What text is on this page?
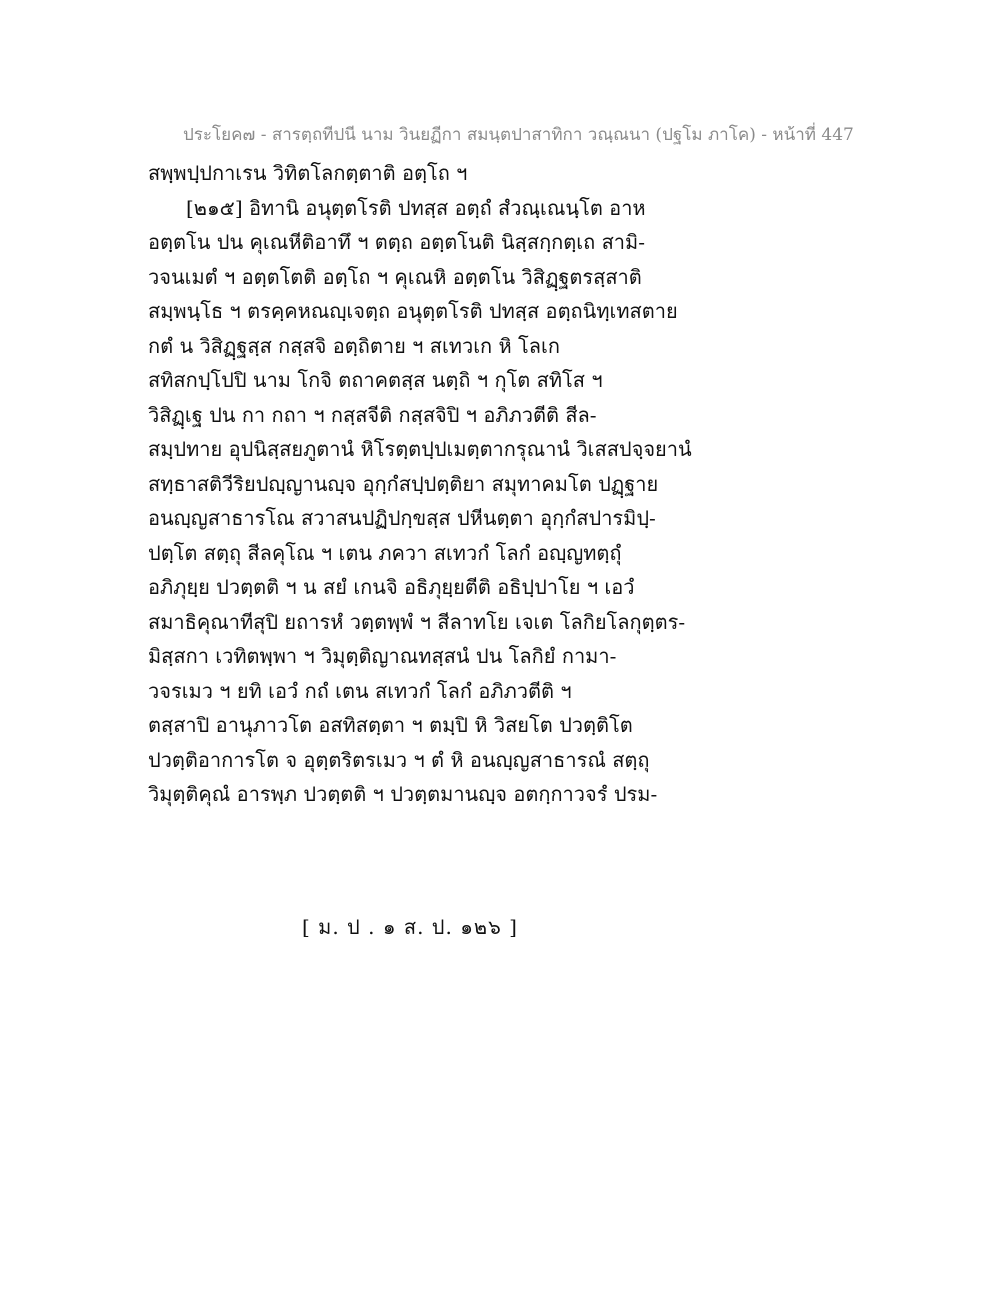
ประโยค๗ - สารตฺถทีปนี นาม วินยฏีกา สมนฺตปาสาทิกา วณฺณนา (ปฐโม ภาโค) - หน้าที่ 447
สพฺพปฺปกาเรน วิทิตโลกตฺตาติ อตฺโถ ฯ
[๒๑๕] อิทานิ อนุตฺตโรติ ปทสฺส อตฺถํ สํวณฺเณนฺโต อาห
อตฺตโน ปน คุเณหีติอาทึ ฯ ตตฺถ อตฺตโนติ นิสฺสกฺกตฺเถ สามิ-
วจนเมตํ ฯ อตฺตโตติ อตฺโถ ฯ คุเณหิ อตฺตโน วิสิฏฺฐตรสฺสาติ
สมฺพนฺโธ ฯ ตรคฺคหณญฺเจตฺถ อนุตฺตโรติ ปทสฺส อตฺถนิทฺเทสตาย
กตํ น วิสิฏฺฐสฺส กสฺสจิ อตฺถิตาย ฯ สเทวเก หิ โลเก
สทิสกปฺโปปิ นาม โกจิ ตถาคตสฺส นตฺถิ ฯ กุโต สทิโส ฯ
วิสิฏฺเฐ ปน กา กถา ฯ กสฺสจีติ กสฺสจิปิ ฯ อภิภวตีติ สีล-
สมฺปทาย อุปนิสฺสยภูตานํ หิโรตฺตปฺปเมตฺตากรุณานํ วิเสสปจฺจยานํ
สทฺธาสติวีริยปญฺญานญฺจ อุกฺกํสปฺปตฺติยา สมุทาคมโต ปฏฺฐาย
อนญฺญสาธารโณ สวาสนปฏิปกฺขสฺส ปหีนตฺตา อุกฺกํสปารมิปฺ-
ปตฺโต สตฺถุ สีลคุโณ ฯ เตน ภควา สเทวกํ โลกํ อญฺญทตฺถุํ
อภิภุยฺย ปวตฺตติ ฯ น สยํ เกนจิ อธิภุยฺยตีติ อธิปฺปาโย ฯ เอวํ
สมาธิคุณาทีสุปิ ยถารหํ วตฺตพฺพํ ฯ สีลาทโย เจเต โลกิยโลกุตฺตร-
มิสฺสกา เวทิตพฺพา ฯ วิมุตฺติญาณทสฺสนํ ปน โลกิยํ กามา-
วจรเมว ฯ ยทิ เอวํ กถํ เตน สเทวกํ โลกํ อภิภวตีติ ฯ
ตสฺสาปิ อานุภาวโต อสทิสตฺตา ฯ ตมฺปิ หิ วิสยโต ปวตฺติโต
ปวตฺติอาการโต จ อุตฺตริตรเมว ฯ ตํ หิ อนญฺญสาธารณํ สตฺถุ
วิมุตฺติคุณํ อารพฺภ ปวตฺตติ ฯ ปวตฺตมานญฺจ อตกฺกาวจรํ ปรม-
[ ม. ป . ๑ ส. ป. ๑๒๖ ]
